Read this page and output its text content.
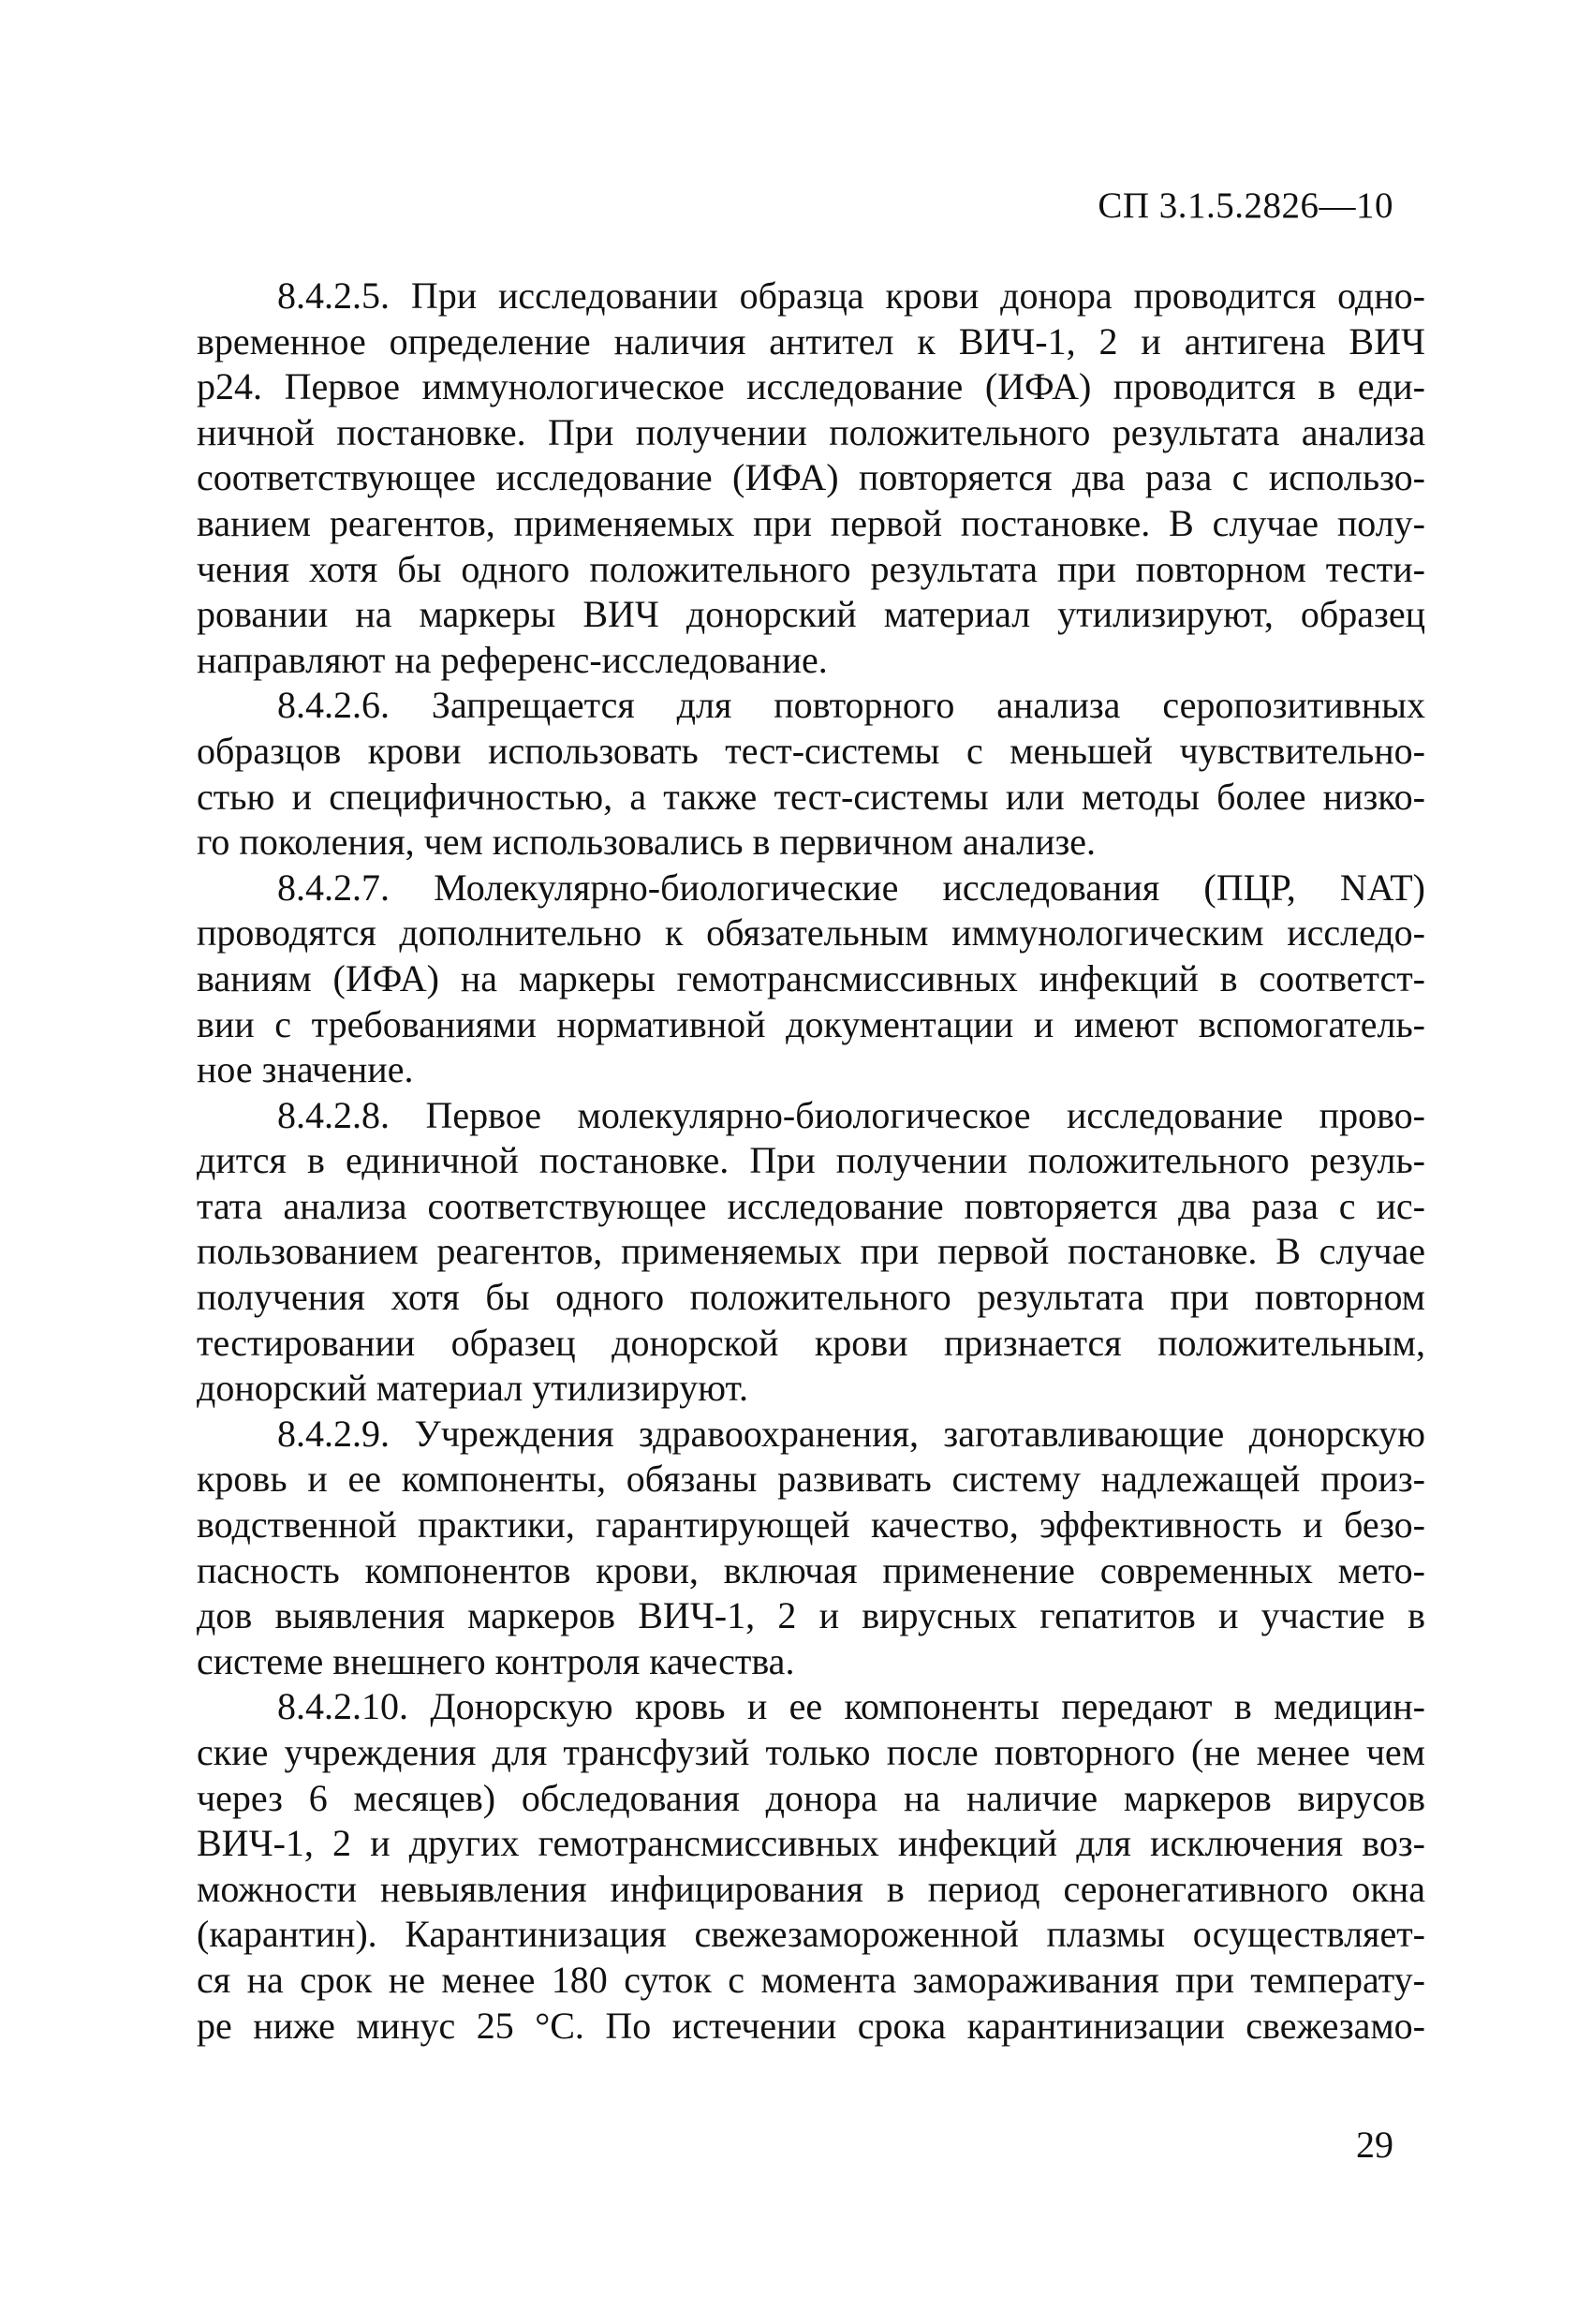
СП 3.1.5.2826—10
8.4.2.5. При исследовании образца крови донора проводится одно-
временное определение наличия антител к ВИЧ-1, 2 и антигена ВИЧ
р24. Первое иммунологическое исследование (ИФА) проводится в еди-
ничной постановке. При получении положительного результата анализа
соответствующее исследование (ИФА) повторяется два раза с использо-
ванием реагентов, применяемых при первой постановке. В случае полу-
чения хотя бы одного положительного результата при повторном тести-
ровании на маркеры ВИЧ донорский материал утилизируют, образец
направляют на референс-исследование.
8.4.2.6. Запрещается для повторного анализа серопозитивных
образцов крови использовать тест-системы с меньшей чувствительно-
стью и специфичностью, а также тест-системы или методы более низко-
го поколения, чем использовались в первичном анализе.
8.4.2.7. Молекулярно-биологические исследования (ПЦР, NAT)
проводятся дополнительно к обязательным иммунологическим исследо-
ваниям (ИФА) на маркеры гемотрансмиссивных инфекций в соответст-
вии с требованиями нормативной документации и имеют вспомогатель-
ное значение.
8.4.2.8. Первое молекулярно-биологическое исследование прово-
дится в единичной постановке. При получении положительного резуль-
тата анализа соответствующее исследование повторяется два раза с ис-
пользованием реагентов, применяемых при первой постановке. В случае
получения хотя бы одного положительного результата при повторном
тестировании образец донорской крови признается положительным,
донорский материал утилизируют.
8.4.2.9. Учреждения здравоохранения, заготавливающие донорскую
кровь и ее компоненты, обязаны развивать систему надлежащей произ-
водственной практики, гарантирующей качество, эффективность и безо-
пасность компонентов крови, включая применение современных мето-
дов выявления маркеров ВИЧ-1, 2 и вирусных гепатитов и участие в
системе внешнего контроля качества.
8.4.2.10. Донорскую кровь и ее компоненты передают в медицин-
ские учреждения для трансфузий только после повторного (не менее чем
через 6 месяцев) обследования донора на наличие маркеров вирусов
ВИЧ-1, 2 и других гемотрансмиссивных инфекций для исключения воз-
можности невыявления инфицирования в период серонегативного окна
(карантин). Карантинизация свежезамороженной плазмы осуществляет-
ся на срок не менее 180 суток с момента замораживания при температу-
ре ниже минус 25 °С. По истечении срока карантинизации свежезамо-
29
